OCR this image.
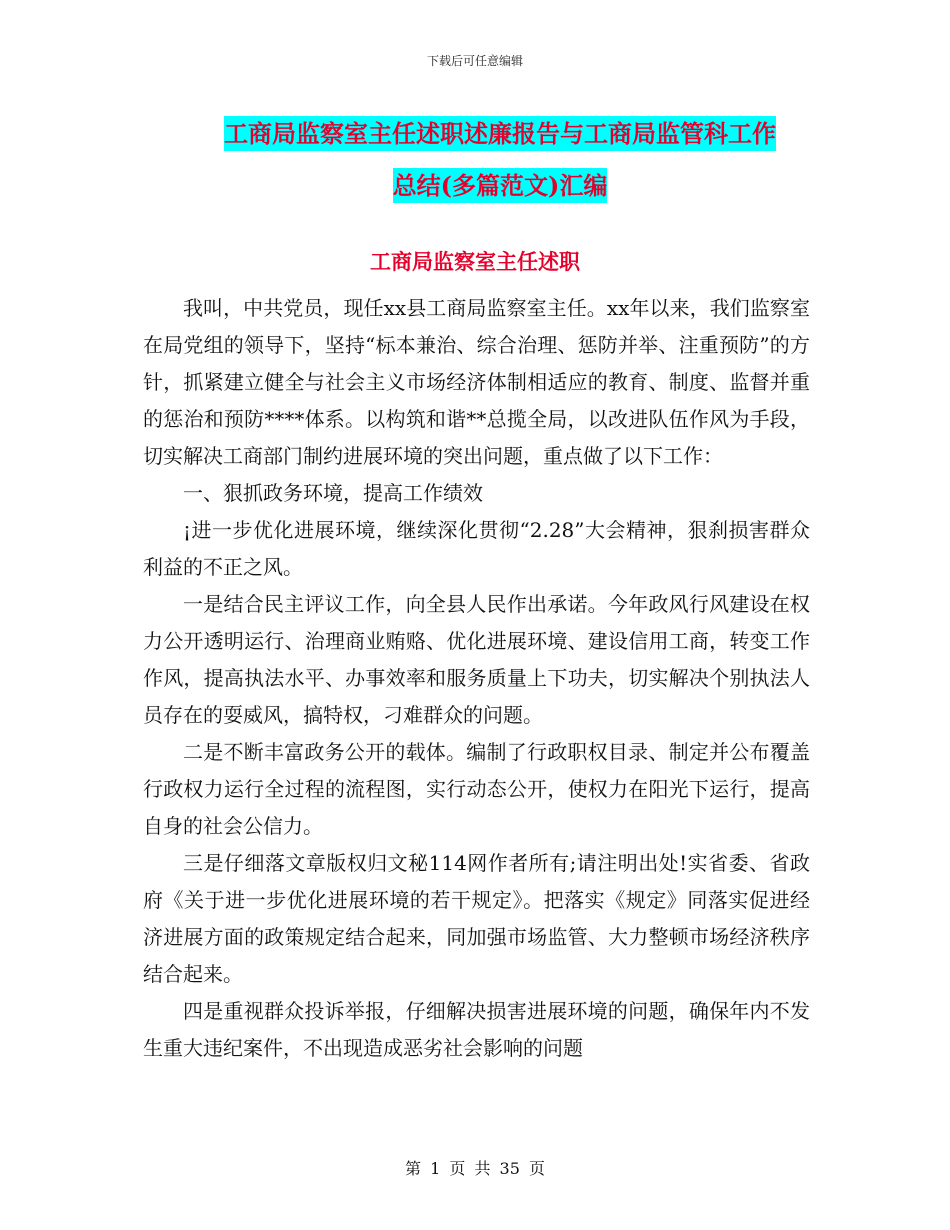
下载后可任意编辑
工商局监察室主任述职述廉报告与工商局监管科工作
总结(多篇范文)汇编
工商局监察室主任述职

我叫，中共党员，现任xx县工商局监察室主任。xx年以来，我们监察室在局党组的领导下，坚持“标本兼治、综合治理、惩防并举、注重预防”的方针，抓紧建立健全与社会主义市场经济体制相适应的教育、制度、监督并重的惩治和预防****体系。以构筑和谐**总揽全局，以改进队伍作风为手段，切实解决工商部门制约进展环境的突出问题，重点做了以下工作：

一、狠抓政务环境，提高工作绩效

¡进一步优化进展环境，继续深化贯彻“2.28”大会精神，狠刹损害群众利益的不正之风。

一是结合民主评议工作，向全县人民作出承诺。今年政风行风建设在权力公开透明运行、治理商业贿赂、优化进展环境、建设信用工商，转变工作作风，提高执法水平、办事效率和服务质量上下功夫，切实解决个别执法人员存在的耍威风，搞特权，刁难群众的问题。

二是不断丰富政务公开的载体。编制了行政职权目录、制定并公布覆盖行政权力运行全过程的流程图，实行动态公开，使权力在阳光下运行，提高自身的社会公信力。

三是仔细落文章版权归文秘114网作者所有;请注明出处!实省委、省政府《关于进一步优化进展环境的若干规定》。把落实《规定》同落实促进经济进展方面的政策规定结合起来，同加强市场监管、大力整顿市场经济秩序结合起来。

四是重视群众投诉举报，仔细解决损害进展环境的问题，确保年内不发生重大违纪案件，不出现造成恶劣社会影响的问题

第 1 页 共 35 页
